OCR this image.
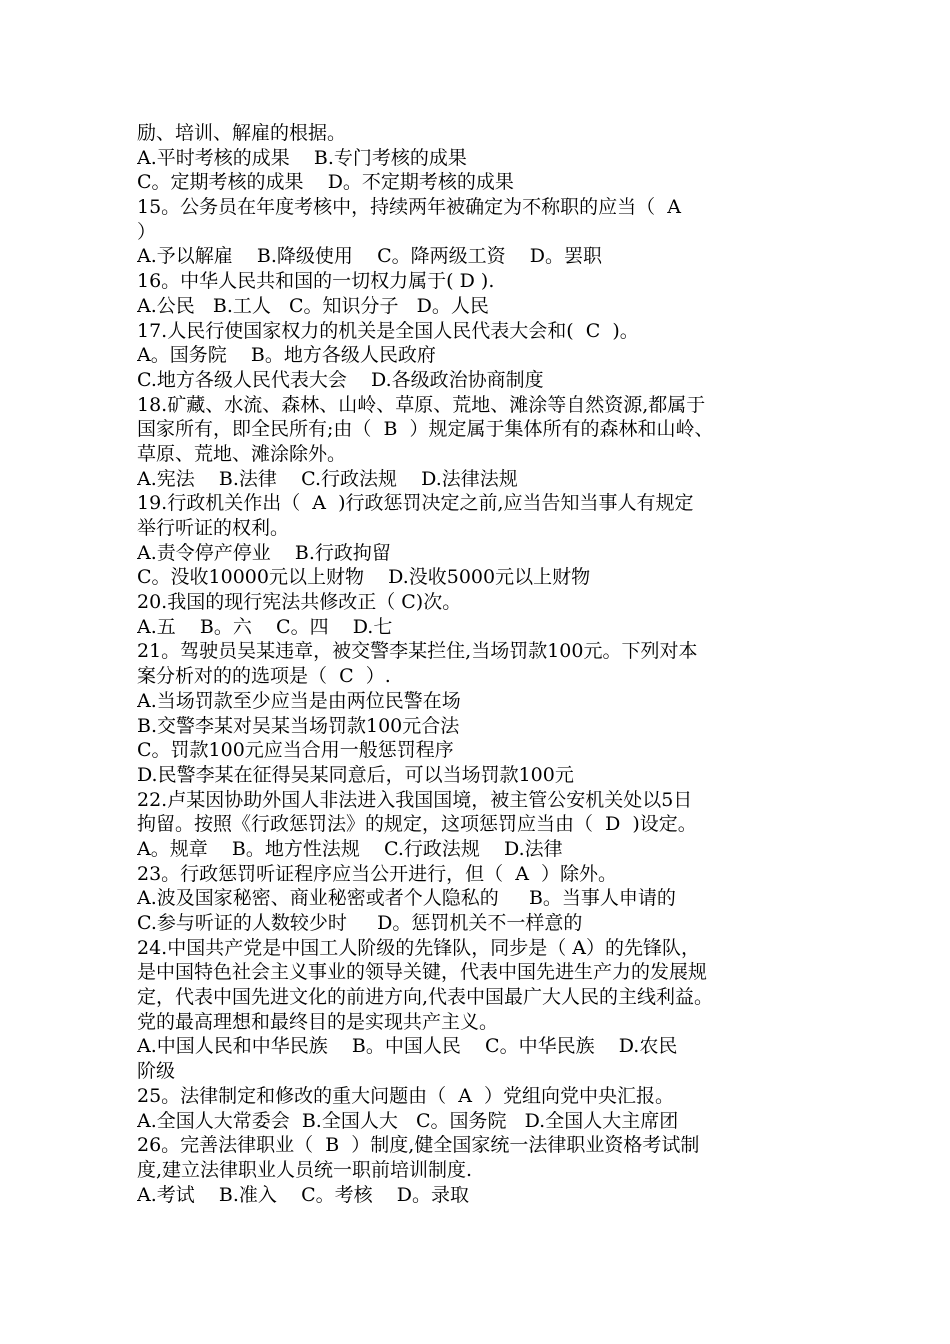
励、培训、解雇的根据。
A.平时考核的成果    B.专门考核的成果
C。定期考核的成果    D。不定期考核的成果
15。公务员在年度考核中，持续两年被确定为不称职的应当（  A
）
A.予以解雇    B.降级使用    C。降两级工资    D。罢职
16。中华人民共和国的一切权力属于( D ).
A.公民   B.工人   C。知识分子   D。人民
17.人民行使国家权力的机关是全国人民代表大会和(  C  )。
A。国务院    B。地方各级人民政府
C.地方各级人民代表大会    D.各级政治协商制度
18.矿藏、水流、森林、山岭、草原、荒地、滩涂等自然资源,都属于
国家所有，即全民所有;由（  B  ）规定属于集体所有的森林和山岭、
草原、荒地、滩涂除外。
A.宪法    B.法律    C.行政法规    D.法律法规
19.行政机关作出（  A  )行政惩罚决定之前,应当告知当事人有规定
举行听证的权利。
A.责令停产停业    B.行政拘留
C。没收10000元以上财物    D.没收5000元以上财物
20.我国的现行宪法共修改正（ C)次。
A.五    B。六    C。四    D.七
21。驾驶员吴某违章，被交警李某拦住,当场罚款100元。下列对本
案分析对的的选项是（  C  ）.
A.当场罚款至少应当是由两位民警在场
B.交警李某对吴某当场罚款100元合法
C。罚款100元应当合用一般惩罚程序
D.民警李某在征得吴某同意后，可以当场罚款100元
22.卢某因协助外国人非法进入我国国境，被主管公安机关处以5日
拘留。按照《行政惩罚法》的规定，这项惩罚应当由（  D  )设定。
A。规章    B。地方性法规    C.行政法规    D.法律
23。行政惩罚听证程序应当公开进行，但（  A  ）除外。
A.波及国家秘密、商业秘密或者个人隐私的     B。当事人申请的
C.参与听证的人数较少时     D。惩罚机关不一样意的
24.中国共产党是中国工人阶级的先锋队，同步是（ A）的先锋队，
是中国特色社会主义事业的领导关键，代表中国先进生产力的发展规
定，代表中国先进文化的前进方向,代表中国最广大人民的主线利益。
党的最高理想和最终目的是实现共产主义。
A.中国人民和中华民族    B。中国人民    C。中华民族    D.农民
阶级
25。法律制定和修改的重大问题由（  A  ）党组向党中央汇报。
A.全国人大常委会  B.全国人大   C。国务院   D.全国人大主席团
26。完善法律职业（  B  ）制度,健全国家统一法律职业资格考试制
度,建立法律职业人员统一职前培训制度.
A.考试    B.准入    C。考核    D。录取
